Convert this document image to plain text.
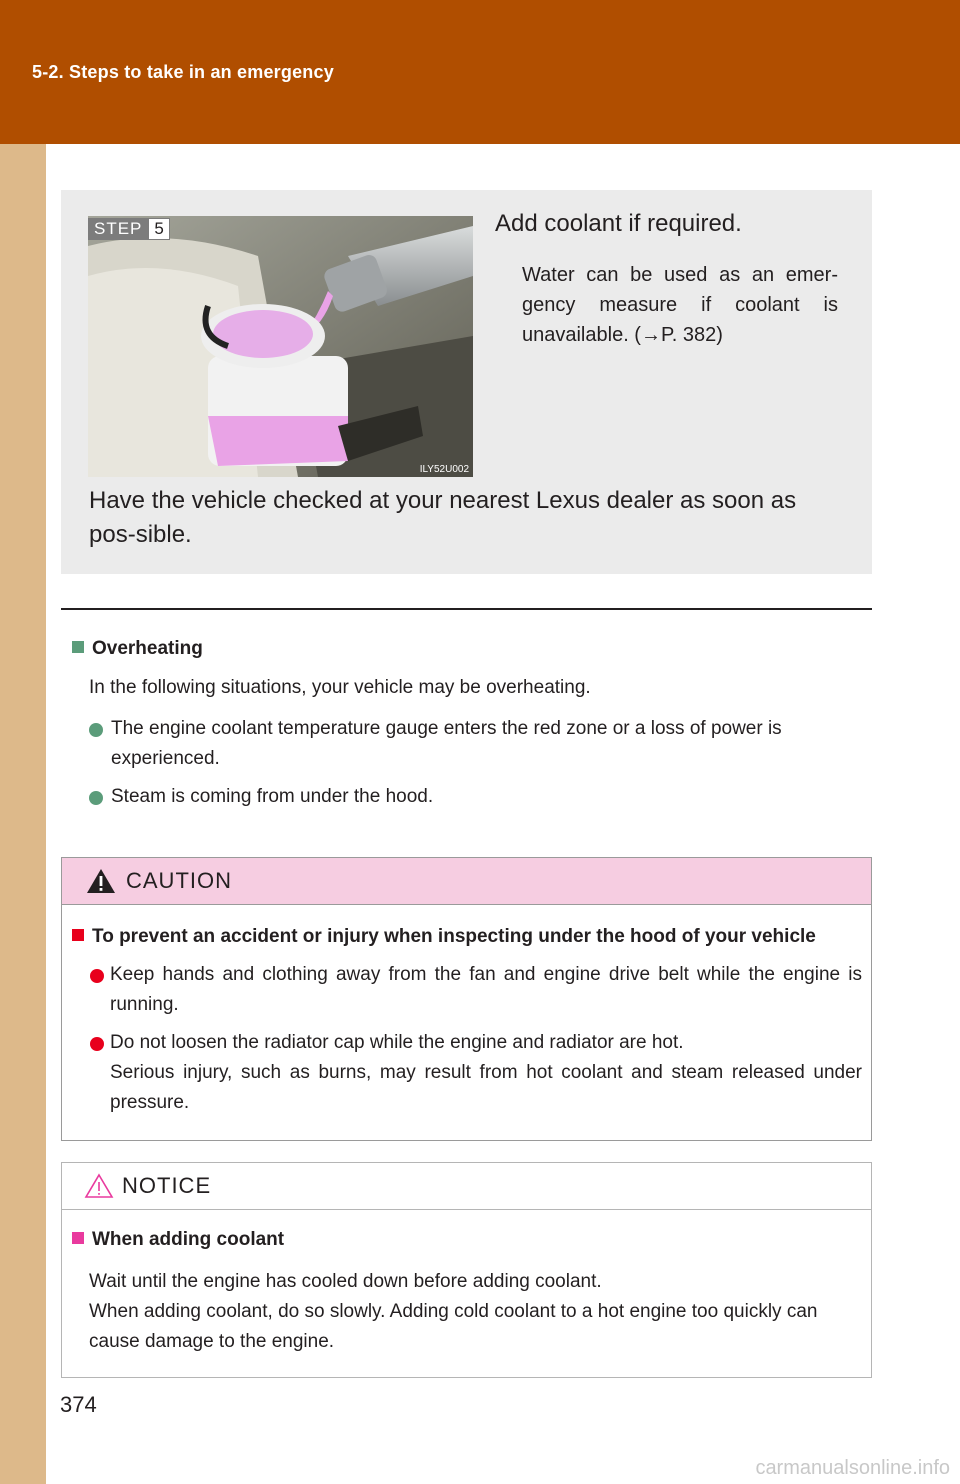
5-2. Steps to take in an emergency
ILY52U002
STEP 5	Add coolant if required.
Water can be used as an emer-gency measure if coolant is unavailable. (→P. 382)
Have the vehicle checked at your nearest Lexus dealer as soon as pos-sible.
Overheating
In the following situations, your vehicle may be overheating.
The engine coolant temperature gauge enters the red zone or a loss of power is experienced.
Steam is coming from under the hood.
CAUTION
To prevent an accident or injury when inspecting under the hood of your vehicle
Keep hands and clothing away from the fan and engine drive belt while the engine is running.
Do not loosen the radiator cap while the engine and radiator are hot.
Serious injury, such as burns, may result from hot coolant and steam released under pressure.
NOTICE
When adding coolant
Wait until the engine has cooled down before adding coolant.
When adding coolant, do so slowly. Adding cold coolant to a hot engine too quickly can cause damage to the engine.
374
carmanualsonline.info
